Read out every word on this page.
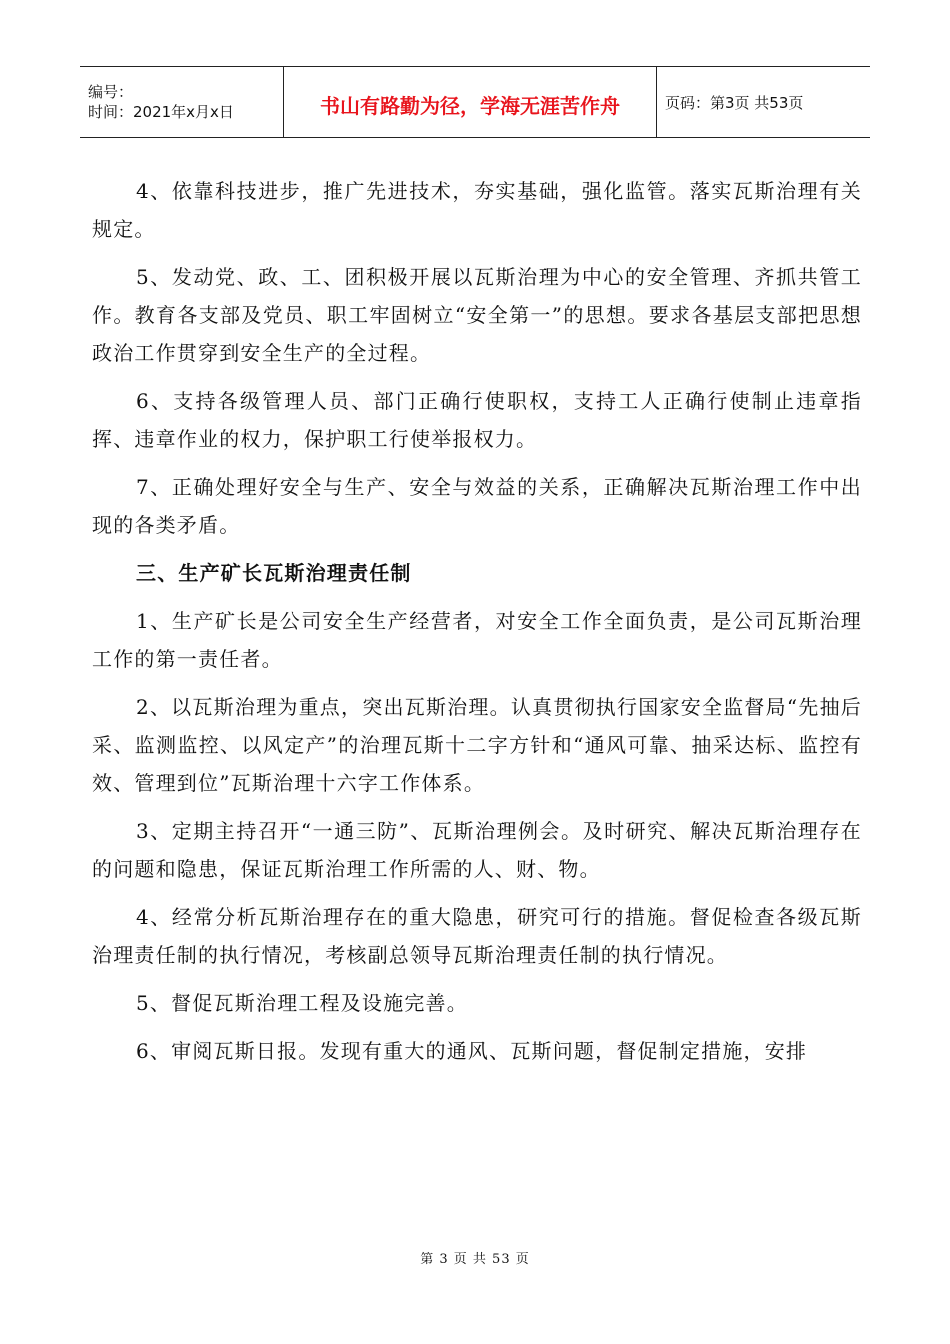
编号：
时间：2021年x月x日	书山有路勤为径，学海无涯苦作舟	页码：第3页 共53页

4、依靠科技进步，推广先进技术，夯实基础，强化监管。落实瓦斯治理有关规定。

5、发动党、政、工、团积极开展以瓦斯治理为中心的安全管理、齐抓共管工作。教育各支部及党员、职工牢固树立“安全第一”的思想。要求各基层支部把思想政治工作贯穿到安全生产的全过程。

6、支持各级管理人员、部门正确行使职权，支持工人正确行使制止违章指挥、违章作业的权力，保护职工行使举报权力。

7、正确处理好安全与生产、安全与效益的关系，正确解决瓦斯治理工作中出现的各类矛盾。

三、生产矿长瓦斯治理责任制

1、生产矿长是公司安全生产经营者，对安全工作全面负责，是公司瓦斯治理工作的第一责任者。

2、以瓦斯治理为重点，突出瓦斯治理。认真贯彻执行国家安全监督局“先抽后采、监测监控、以风定产”的治理瓦斯十二字方针和“通风可靠、抽采达标、监控有效、管理到位”瓦斯治理十六字工作体系。

3、定期主持召开“一通三防”、瓦斯治理例会。及时研究、解决瓦斯治理存在的问题和隐患，保证瓦斯治理工作所需的人、财、物。

4、经常分析瓦斯治理存在的重大隐患，研究可行的措施。督促检查各级瓦斯治理责任制的执行情况，考核副总领导瓦斯治理责任制的执行情况。

5、督促瓦斯治理工程及设施完善。

6、审阅瓦斯日报。发现有重大的通风、瓦斯问题，督促制定措施，安排

第 3 页 共 53 页
